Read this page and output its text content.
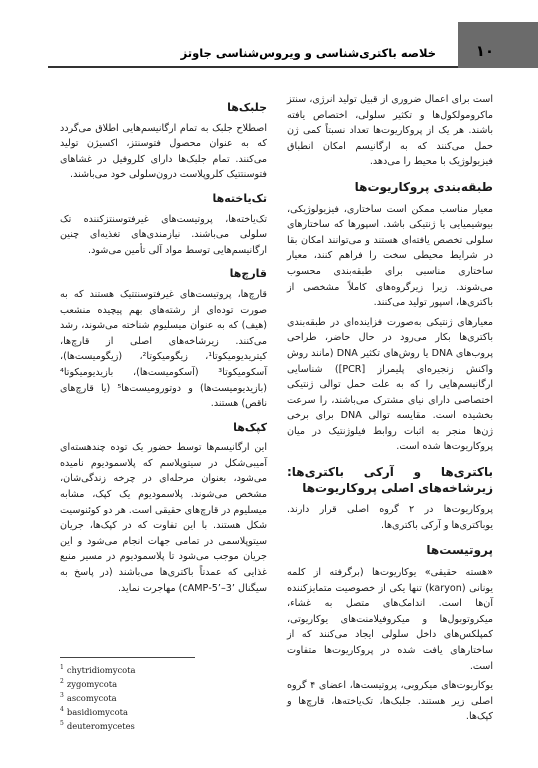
١٠
خلاصه باکتری‌شناسی و ویروس‌شناسی جاوتز

است برای اعمال ضروری از قبیل تولید انرژی، سنتز ماکرومولکول‌ها و تکثیر سلولی، اختصاص یافته باشند. هر یک از پروکاریوت‌ها تعداد نسبتاً کمی ژن حمل می‌کنند که به ارگانیسم امکان انطباق فیزیولوژیک با محیط را می‌دهد.

طبقه‌بندی پروکاریوت‌ها

معیار مناسب ممکن است ساختاری، فیزیولوژیکی، بیوشیمیایی یا ژنتیکی باشد. اسپورها که ساختارهای سلولی تخصص یافته‌ای هستند و می‌توانند امکان بقا در شرایط محیطی سخت را فراهم کنند، معیار ساختاری مناسبی برای طبقه‌بندی محسوب می‌شوند. زیرا زیرگروه‌های کاملاً مشخصی از باکتری‌ها، اسپور تولید می‌کنند.

معیارهای ژنتیکی به‌صورت فزاینده‌ای در طبقه‌بندی باکتری‌ها بکار می‌رود در حال حاضر، طراحی پروب‌های DNA یا روش‌های تکثیر DNA (مانند روش واکنش زنجیره‌ای پلیمراز [PCR]) شناسایی ارگانیسم‌هایی را که به علت حمل توالی ژنتیکی اختصاصی دارای نیای مشترک می‌باشند، را سرعت بخشیده است. مقایسه توالی DNA برای برخی ژن‌ها منجر به اثبات روابط فیلوژنتیک در میان پروکاریوت‌ها شده است.

باکتری‌ها و آرکی باکتری‌ها: زیرشاخه‌های اصلی پروکاریوت‌ها

پروکاریوت‌ها در ۲ گروه اصلی قرار دارند. یوباکتری‌ها و آرکی باکتری‌ها.

پروتیست‌ها

«هسته حقیقی» یوکاریوت‌ها (برگرفته از کلمه یونانی (karyon) تنها یکی از خصوصیت متمایزکننده آن‌ها است. اندامک‌های متصل به غشاء، میکروتوبول‌ها و میکروفیلامنت‌های یوکاریوتی، کمپلکس‌های داخل سلولی ایجاد می‌کنند که از ساختارهای یافت شده در پروکاریوت‌ها متفاوت است.

یوکاریوت‌های میکروبی، پروتیست‌ها، اعضای ۴ گروه اصلی زیر هستند. جلبک‌ها، تک‌یاخته‌ها، قارچ‌ها و کپک‌ها.

جلبک‌ها

اصطلاح جلبک به تمام ارگانیسم‌هایی اطلاق می‌گردد که به عنوان محصول فتوسنتز، اکسیژن تولید می‌کنند. تمام جلبک‌ها دارای کلروفیل در غشاهای فتوسنتتیک کلروپلاست درون‌سلولی خود می‌باشند.

تک‌یاخته‌ها

تک‌یاخته‌ها، پروتیست‌های غیرفتوسنتزکننده تک سلولی می‌باشند. نیازمندی‌های تغذیه‌ای چنین ارگانیسم‌هایی توسط مواد آلی تأمین می‌شود.

قارچ‌ها

قارچ‌ها، پروتیست‌های غیرفتوسنتتیک هستند که به صورت توده‌ای از رشته‌های بهم پیچیده منشعب (هیف) که به عنوان میسلیوم شناخته می‌شوند، رشد می‌کنند. زیرشاخه‌های اصلی از قارچ‌ها، کیتریدیومیکوتا¹، زیگومیکوتا²، (زیگومیست‌ها)، آسکومیکوتا³ (آسکومیست‌ها)، بازیدیومیکوتا⁴ (بازیدیومیست‌ها) و دوتورومیست‌ها⁵ (یا قارچ‌های ناقص) هستند.

کپک‌ها

این ارگانیسم‌ها توسط حضور یک توده چندهسته‌ای آمیبی‌شکل در سیتوپلاسم که پلاسمودیوم نامیده می‌شود، بعنوان مرحله‌ای در چرخه زندگی‌شان، مشخص می‌شوند. پلاسمودیوم یک کپک، مشابه میسلیوم در قارچ‌های حقیقی است. هر دو کوئنوسیت شکل هستند. با این تفاوت که در کپک‌ها، جریان سیتوپلاسمی در تمامی جهات انجام می‌شود و این جریان موجب می‌شود تا پلاسمودیوم در مسیر منبع غذایی که عمدتاً باکتری‌ها می‌باشند (در پاسخ به سیگنال ’3–’5-cAMP) مهاجرت نماید.

$^1$ chytridiomycota
$^2$ zygomycota
$^3$ ascomycota
$^4$ basidiomycota
$^5$ deuteromycetes
